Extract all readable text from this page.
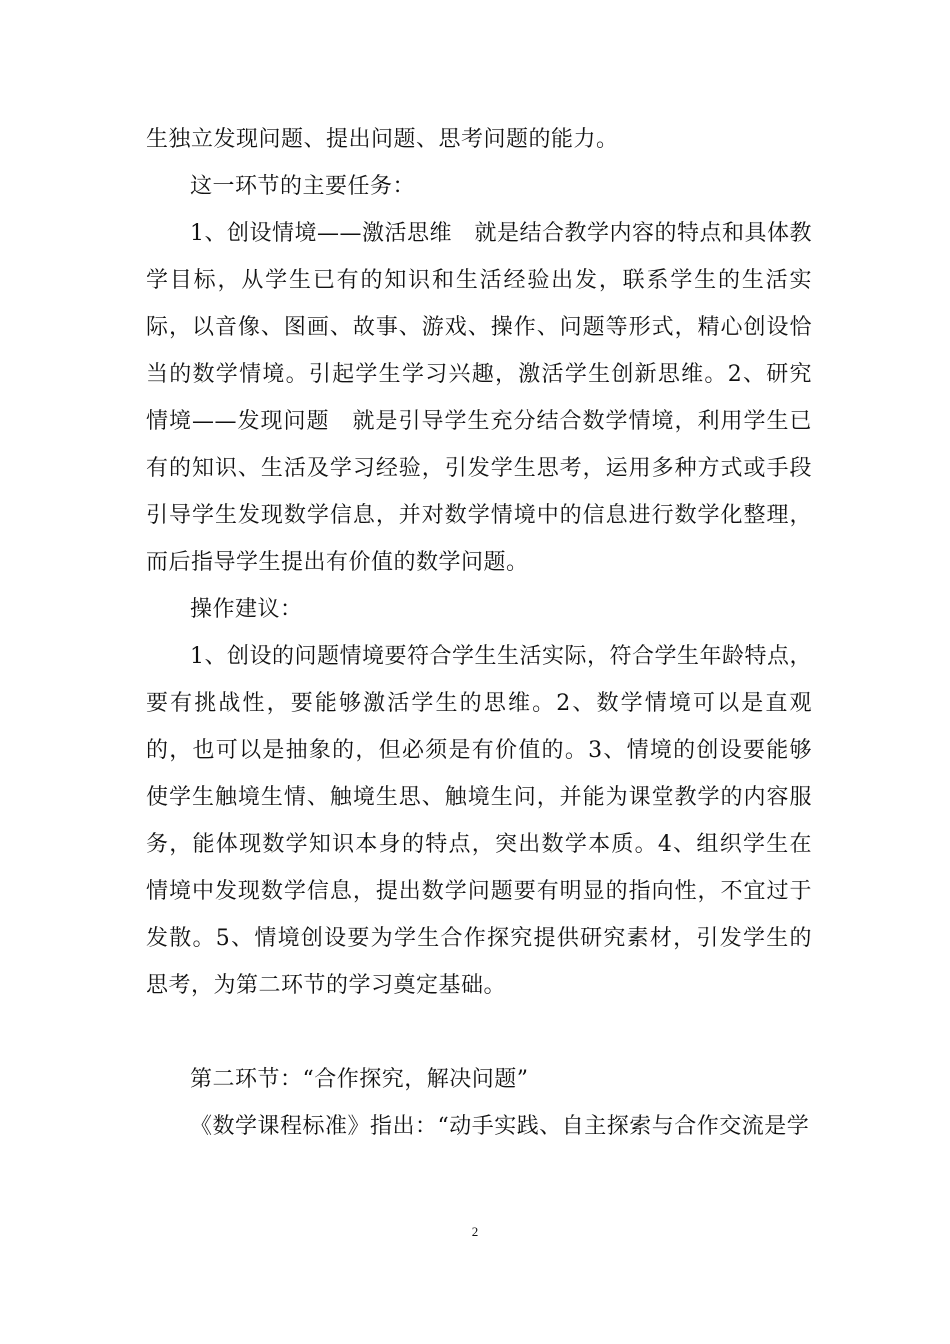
生独立发现问题、提出问题、思考问题的能力。

这一环节的主要任务：

1、创设情境——激活思维　就是结合教学内容的特点和具体教学目标，从学生已有的知识和生活经验出发，联系学生的生活实际，以音像、图画、故事、游戏、操作、问题等形式，精心创设恰当的数学情境。引起学生学习兴趣，激活学生创新思维。2、研究情境——发现问题　就是引导学生充分结合数学情境，利用学生已有的知识、生活及学习经验，引发学生思考，运用多种方式或手段引导学生发现数学信息，并对数学情境中的信息进行数学化整理，而后指导学生提出有价值的数学问题。

操作建议：

1、创设的问题情境要符合学生生活实际，符合学生年龄特点，要有挑战性，要能够激活学生的思维。2、数学情境可以是直观的，也可以是抽象的，但必须是有价值的。3、情境的创设要能够使学生触境生情、触境生思、触境生问，并能为课堂教学的内容服务，能体现数学知识本身的特点，突出数学本质。4、组织学生在情境中发现数学信息，提出数学问题要有明显的指向性，不宜过于发散。5、情境创设要为学生合作探究提供研究素材，引发学生的思考，为第二环节的学习奠定基础。

第二环节：“合作探究，解决问题”

《数学课程标准》指出：“动手实践、自主探索与合作交流是学

2
